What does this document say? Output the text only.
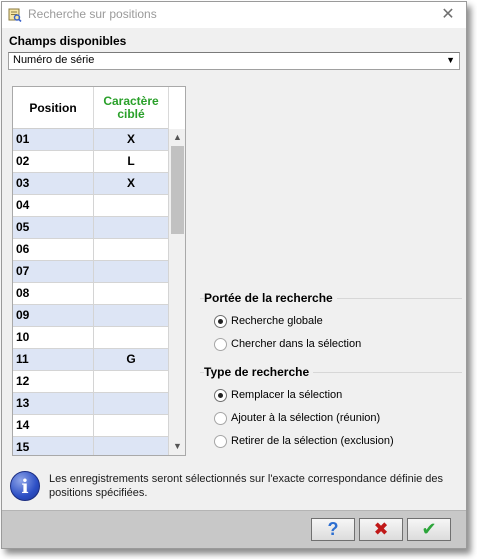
Recherche sur positions	✕
Champs disponibles
Numéro de série	▼
Position	Caractère ciblé
01	X
02	L
03	X
04
05
06
07
08
09
10
11	G
12
13
14
15
▲
▼
Portée de la recherche
Recherche globale
Chercher dans la sélection
Type de recherche
Remplacer la sélection
Ajouter à la sélection (réunion)
Retirer de la sélection (exclusion)
i	Les enregistrements seront sélectionnés sur l'exacte correspondance définie des positions spécifiées.
?	✖	✔
